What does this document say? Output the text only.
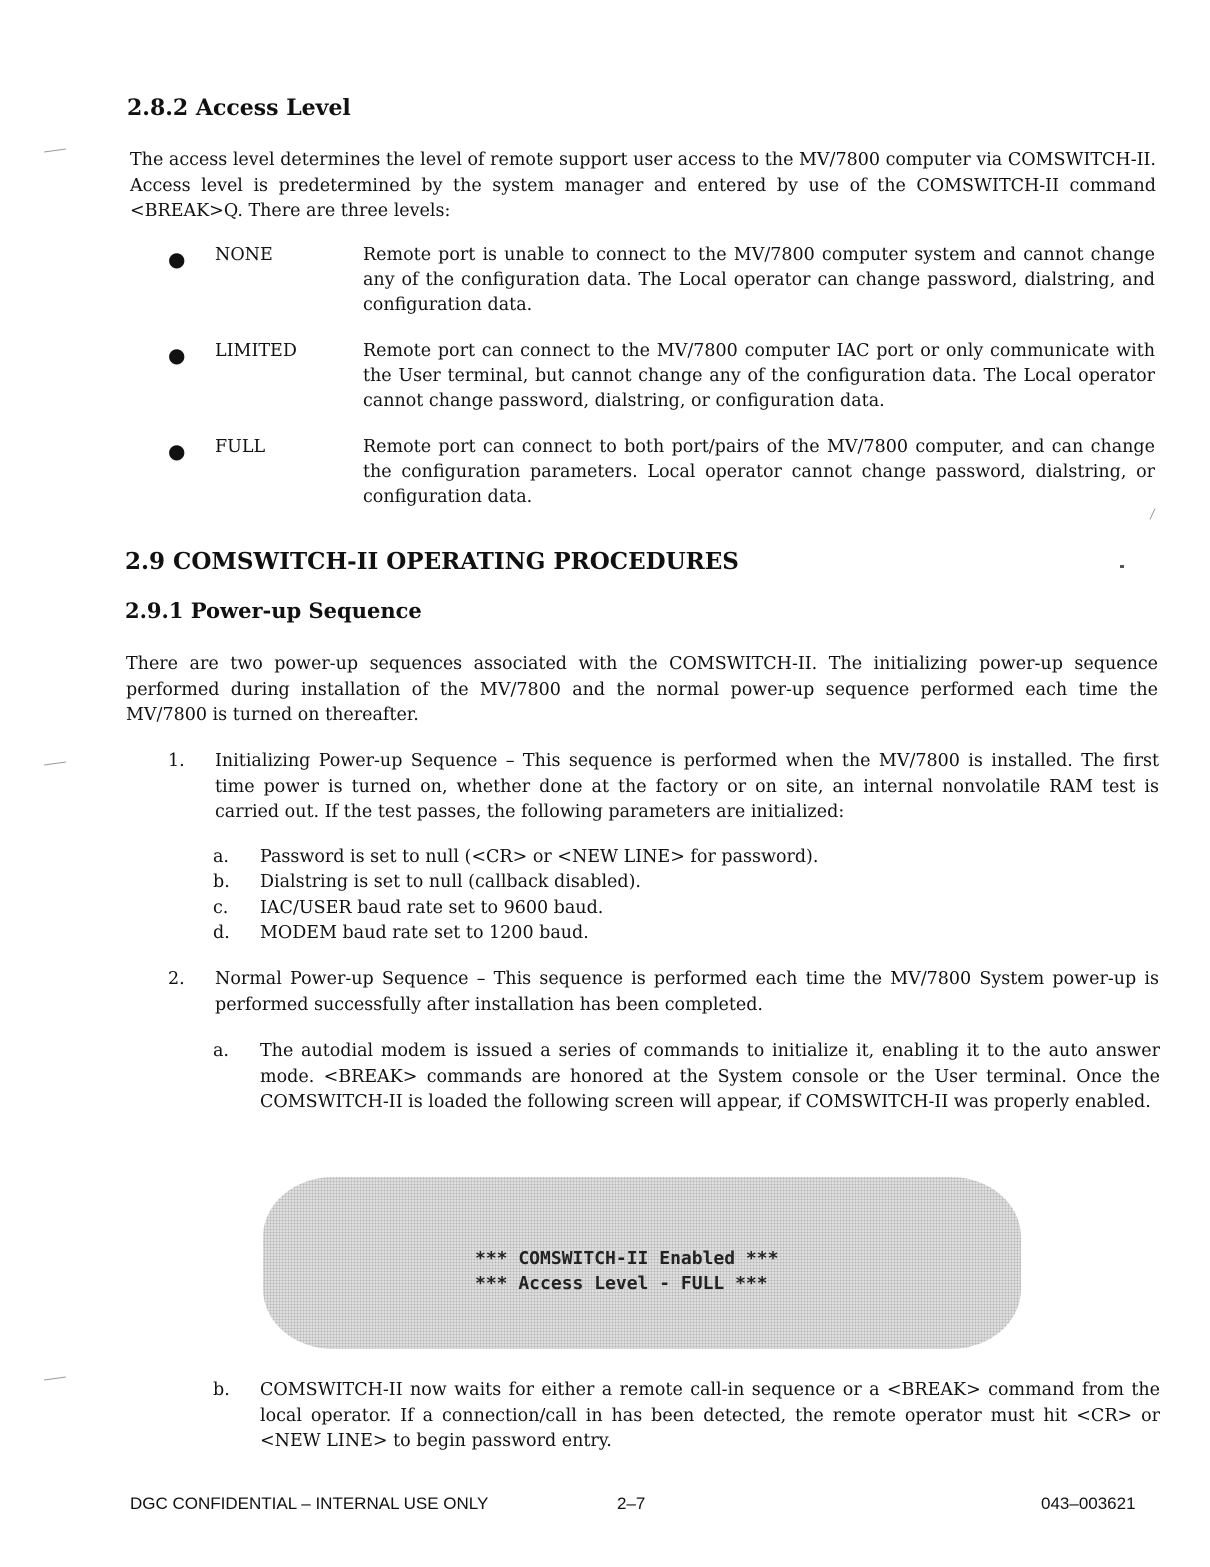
2.8.2 Access Level

The access level determines the level of remote support user access to the MV/7800 computer via COMSWITCH-II. Access level is predetermined by the system manager and entered by use of the COMSWITCH-II command <BREAK>Q. There are three levels:

● NONE	Remote port is unable to connect to the MV/7800 computer system and cannot change any of the configuration data. The Local operator can change password, dialstring, and configuration data.
● LIMITED	Remote port can connect to the MV/7800 computer IAC port or only communicate with the User terminal, but cannot change any of the configuration data. The Local operator cannot change password, dialstring, or configuration data.
● FULL	Remote port can connect to both port/pairs of the MV/7800 computer, and can change the configuration parameters. Local operator cannot change password, dialstring, or configuration data.
2.9 COMSWITCH-II OPERATING PROCEDURES
2.9.1 Power-up Sequence

There are two power-up sequences associated with the COMSWITCH-II. The initializing power-up sequence performed during installation of the MV/7800 and the normal power-up sequence performed each time the MV/7800 is turned on thereafter.

1. Initializing Power-up Sequence – This sequence is performed when the MV/7800 is installed. The first time power is turned on, whether done at the factory or on site, an internal nonvolatile RAM test is carried out. If the test passes, the following parameters are initialized:
a. Password is set to null (<CR> or <NEW LINE> for password).
b. Dialstring is set to null (callback disabled).
c. IAC/USER baud rate set to 9600 baud.
d. MODEM baud rate set to 1200 baud.
2. Normal Power-up Sequence – This sequence is performed each time the MV/7800 System power-up is performed successfully after installation has been completed.
a. The autodial modem is issued a series of commands to initialize it, enabling it to the auto answer mode. <BREAK> commands are honored at the System console or the User terminal. Once the COMSWITCH-II is loaded the following screen will appear, if COMSWITCH-II was properly enabled.
*** COMSWITCH-II Enabled ***
*** Access Level - FULL ***
b. COMSWITCH-II now waits for either a remote call-in sequence or a <BREAK> command from the local operator. If a connection/call in has been detected, the remote operator must hit <CR> or <NEW LINE> to begin password entry.
DGC CONFIDENTIAL – INTERNAL USE ONLY	2–7	043–003621
